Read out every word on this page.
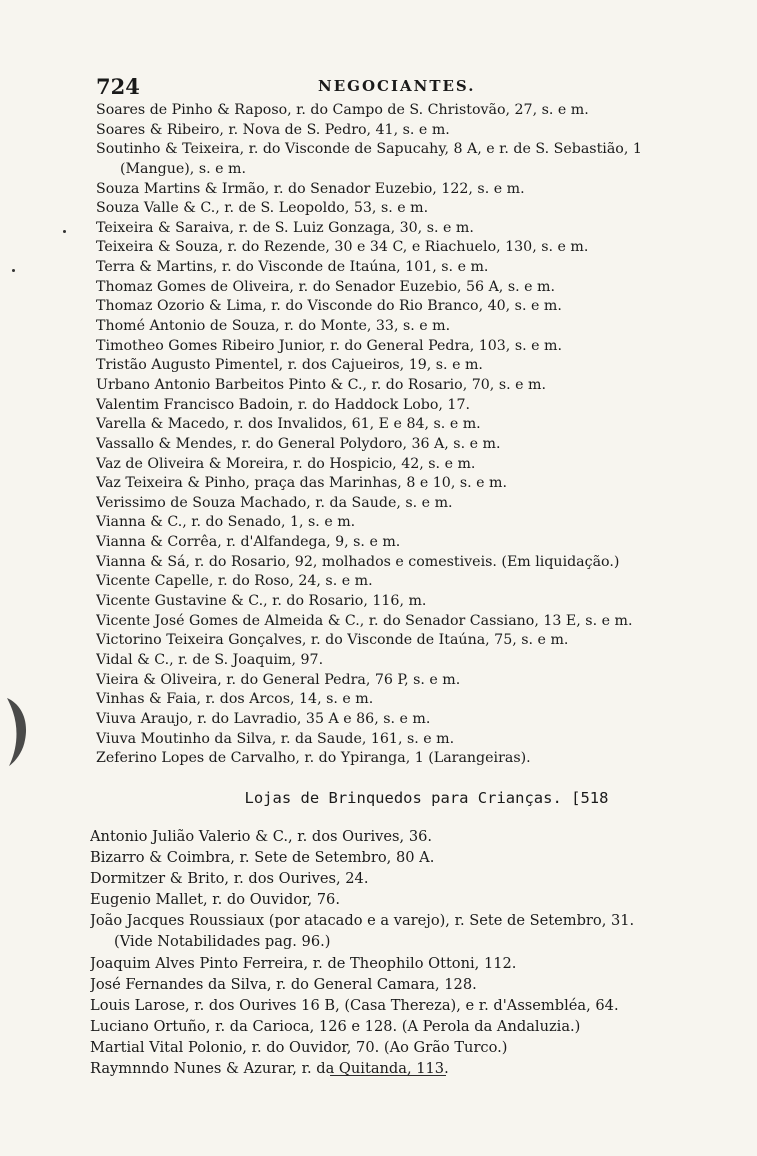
724	NEGOCIANTES.
Soares de Pinho & Raposo, r. do Campo de S. Christovão, 27, s. e m.
Soares & Ribeiro, r. Nova de S. Pedro, 41, s. e m.
Soutinho & Teixeira, r. do Visconde de Sapucahy, 8 A, e r. de S. Sebastião, 1
(Mangue), s. e m.
Souza Martins & Irmão, r. do Senador Euzebio, 122, s. e m.
Souza Valle & C., r. de S. Leopoldo, 53, s. e m.
Teixeira & Saraiva, r. de S. Luiz Gonzaga, 30, s. e m.
Teixeira & Souza, r. do Rezende, 30 e 34 C, e Riachuelo, 130, s. e m.
Terra & Martins, r. do Visconde de Itaúna, 101, s. e m.
Thomaz Gomes de Oliveira, r. do Senador Euzebio, 56 A, s. e m.
Thomaz Ozorio & Lima, r. do Visconde do Rio Branco, 40, s. e m.
Thomé Antonio de Souza, r. do Monte, 33, s. e m.
Timotheo Gomes Ribeiro Junior, r. do General Pedra, 103, s. e m.
Tristão Augusto Pimentel, r. dos Cajueiros, 19, s. e m.
Urbano Antonio Barbeitos Pinto & C., r. do Rosario, 70, s. e m.
Valentim Francisco Badoin, r. do Haddock Lobo, 17.
Varella & Macedo, r. dos Invalidos, 61, E e 84, s. e m.
Vassallo & Mendes, r. do General Polydoro, 36 A, s. e m.
Vaz de Oliveira & Moreira, r. do Hospicio, 42, s. e m.
Vaz Teixeira & Pinho, praça das Marinhas, 8 e 10, s. e m.
Verissimo de Souza Machado, r. da Saude, s. e m.
Vianna & C., r. do Senado, 1, s. e m.
Vianna & Corrêa, r. d'Alfandega, 9, s. e m.
Vianna & Sá, r. do Rosario, 92, molhados e comestiveis. (Em liquidação.)
Vicente Capelle, r. do Roso, 24, s. e m.
Vicente Gustavine & C., r. do Rosario, 116, m.
Vicente José Gomes de Almeida & C., r. do Senador Cassiano, 13 E, s. e m.
Victorino Teixeira Gonçalves, r. do Visconde de Itaúna, 75, s. e m.
Vidal & C., r. de S. Joaquim, 97.
Vieira & Oliveira, r. do General Pedra, 76 P, s. e m.
Vinhas & Faia, r. dos Arcos, 14, s. e m.
Viuva Araujo, r. do Lavradio, 35 A e 86, s. e m.
Viuva Moutinho da Silva, r. da Saude, 161, s. e m.
Zeferino Lopes de Carvalho, r. do Ypiranga, 1 (Larangeiras).
Lojas de Brinquedos para Crianças. [518
Antonio Julião Valerio & C., r. dos Ourives, 36.
Bizarro & Coimbra, r. Sete de Setembro, 80 A.
Dormitzer & Brito, r. dos Ourives, 24.
Eugenio Mallet, r. do Ouvidor, 76.
João Jacques Roussiaux (por atacado e a varejo), r. Sete de Setembro, 31.
(Vide Notabilidades pag. 96.)
Joaquim Alves Pinto Ferreira, r. de Theophilo Ottoni, 112.
José Fernandes da Silva, r. do General Camara, 128.
Louis Larose, r. dos Ourives 16 B, (Casa Thereza), e r. d'Assembléa, 64.
Luciano Ortuño, r. da Carioca, 126 e 128. (A Perola da Andaluzia.)
Martial Vital Polonio, r. do Ouvidor, 70. (Ao Grão Turco.)
Raymnndo Nunes & Azurar, r. da Quitanda, 113.
